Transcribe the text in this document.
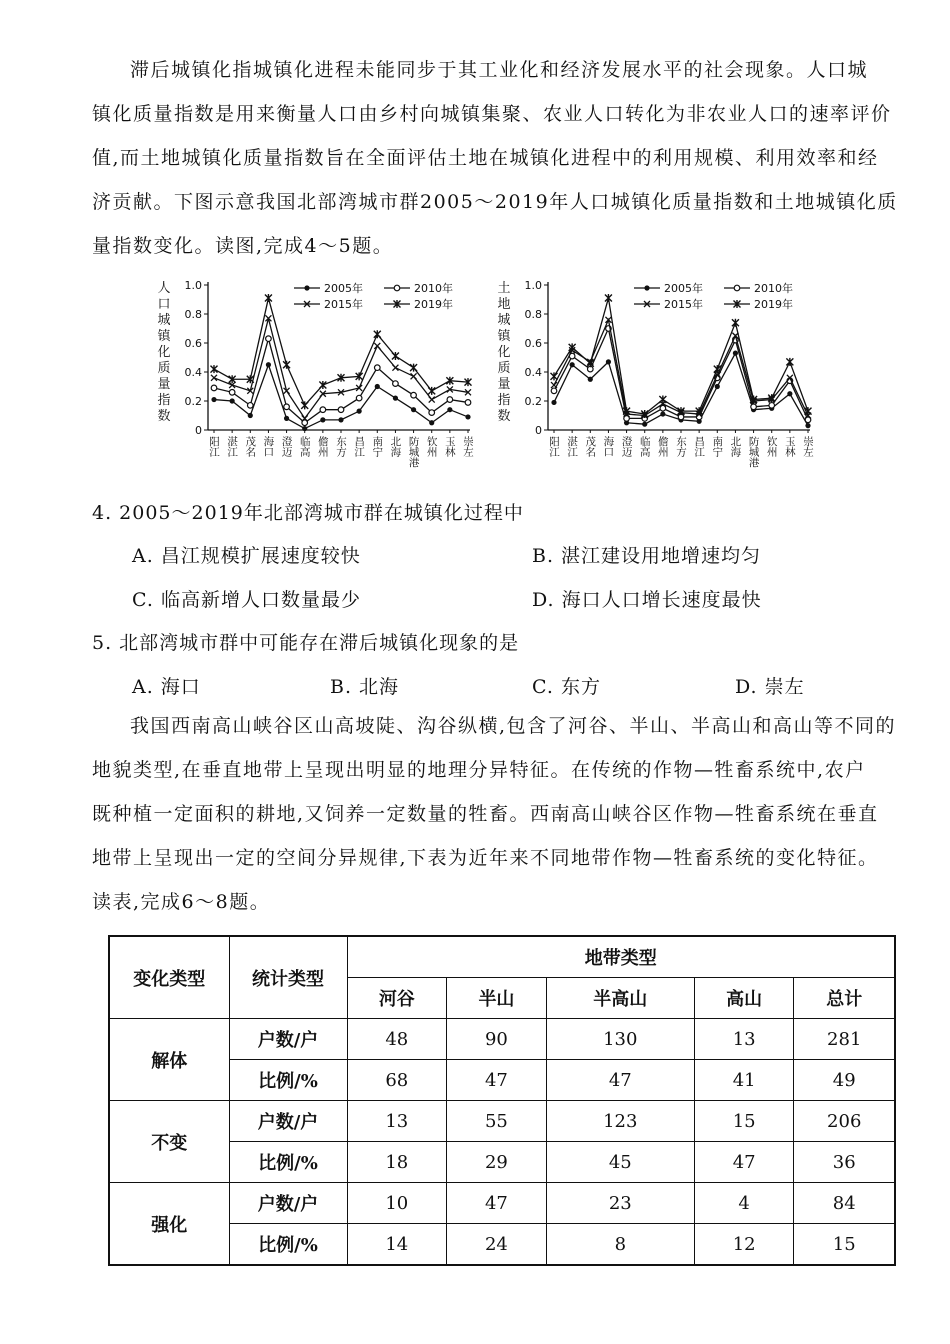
滞后城镇化指城镇化进程未能同步于其工业化和经济发展水平的社会现象。人口城
镇化质量指数是用来衡量人口由乡村向城镇集聚、农业人口转化为非农业人口的速率评价
值,而土地城镇化质量指数旨在全面评估土地在城镇化进程中的利用规模、利用效率和经
济贡献。下图示意我国北部湾城市群2005～2019年人口城镇化质量指数和土地城镇化质
量指数变化。读图,完成4～5题。
人
口
城
镇
化
质
量
指
数
0
0.2
0.4
0.6
0.8
1.0
阳江 湛江 茂名 海口 澄迈 临高 儋州 东方 昌江 南宁 北海 防城港 钦州 玉林 崇左
2005年	2010年
2015年	2019年
土
地
城
镇
化
质
量
指
数
0
0.2
0.4
0.6
0.8
1.0
阳江 湛江 茂名 海口 澄迈 临高 儋州 东方 昌江 南宁 北海 防城港 钦州 玉林 崇左
2005年	2010年
2015年	2019年
4. 2005～2019年北部湾城市群在城镇化过程中
A. 昌江规模扩展速度较快	B. 湛江建设用地增速均匀
C. 临高新增人口数量最少	D. 海口人口增长速度最快
5. 北部湾城市群中可能存在滞后城镇化现象的是
A. 海口	B. 北海	C. 东方	D. 崇左
我国西南高山峡谷区山高坡陡、沟谷纵横,包含了河谷、半山、半高山和高山等不同的
地貌类型,在垂直地带上呈现出明显的地理分异特征。在传统的作物—牲畜系统中,农户
既种植一定面积的耕地,又饲养一定数量的牲畜。西南高山峡谷区作物—牲畜系统在垂直
地带上呈现出一定的空间分异规律,下表为近年来不同地带作物—牲畜系统的变化特征。
读表,完成6～8题。
变化类型	统计类型	地带类型				
		河谷	半山	半高山	高山	总计
解体	户数/户	48	90	130	13	281
	比例/%	68	47	47	41	49
不变	户数/户	13	55	123	15	206
	比例/%	18	29	45	47	36
强化	户数/户	10	47	23	4	84
	比例/%	14	24	8	12	15
